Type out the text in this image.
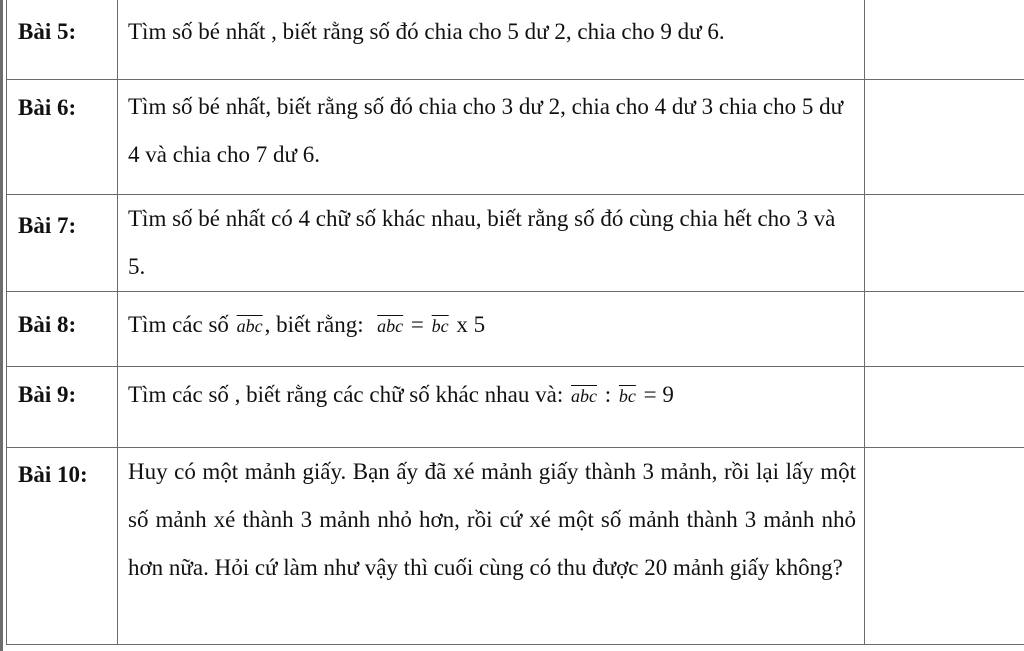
Bài 5:	Tìm số bé nhất , biết rằng số đó chia cho 5 dư 2, chia cho 9 dư 6.	

Bài 6:	Tìm số bé nhất, biết rằng số đó chia cho 3 dư 2, chia cho 4 dư 3 chia cho 5 dư 4 và chia cho 7 dư 6.	

Bài 7:	Tìm số bé nhất có 4 chữ số khác nhau, biết rằng số đó cùng chia hết cho 3 và 5.	

Bài 8:	Tìm các số $\overline{abc}$, biết rằng: $\overline{abc} = \overline{bc}$ x 5	

Bài 9:	Tìm các số , biết rằng các chữ số khác nhau và: $\overline{abc}$ : $\overline{bc} = 9$	

Bài 10:	Huy có một mảnh giấy. Bạn ấy đã xé mảnh giấy thành 3 mảnh, rồi lại lấy một số mảnh xé thành 3 mảnh nhỏ hơn, rồi cứ xé một số mảnh thành 3 mảnh nhỏ hơn nữa. Hỏi cứ làm như vậy thì cuối cùng có thu được 20 mảnh giấy không?	
